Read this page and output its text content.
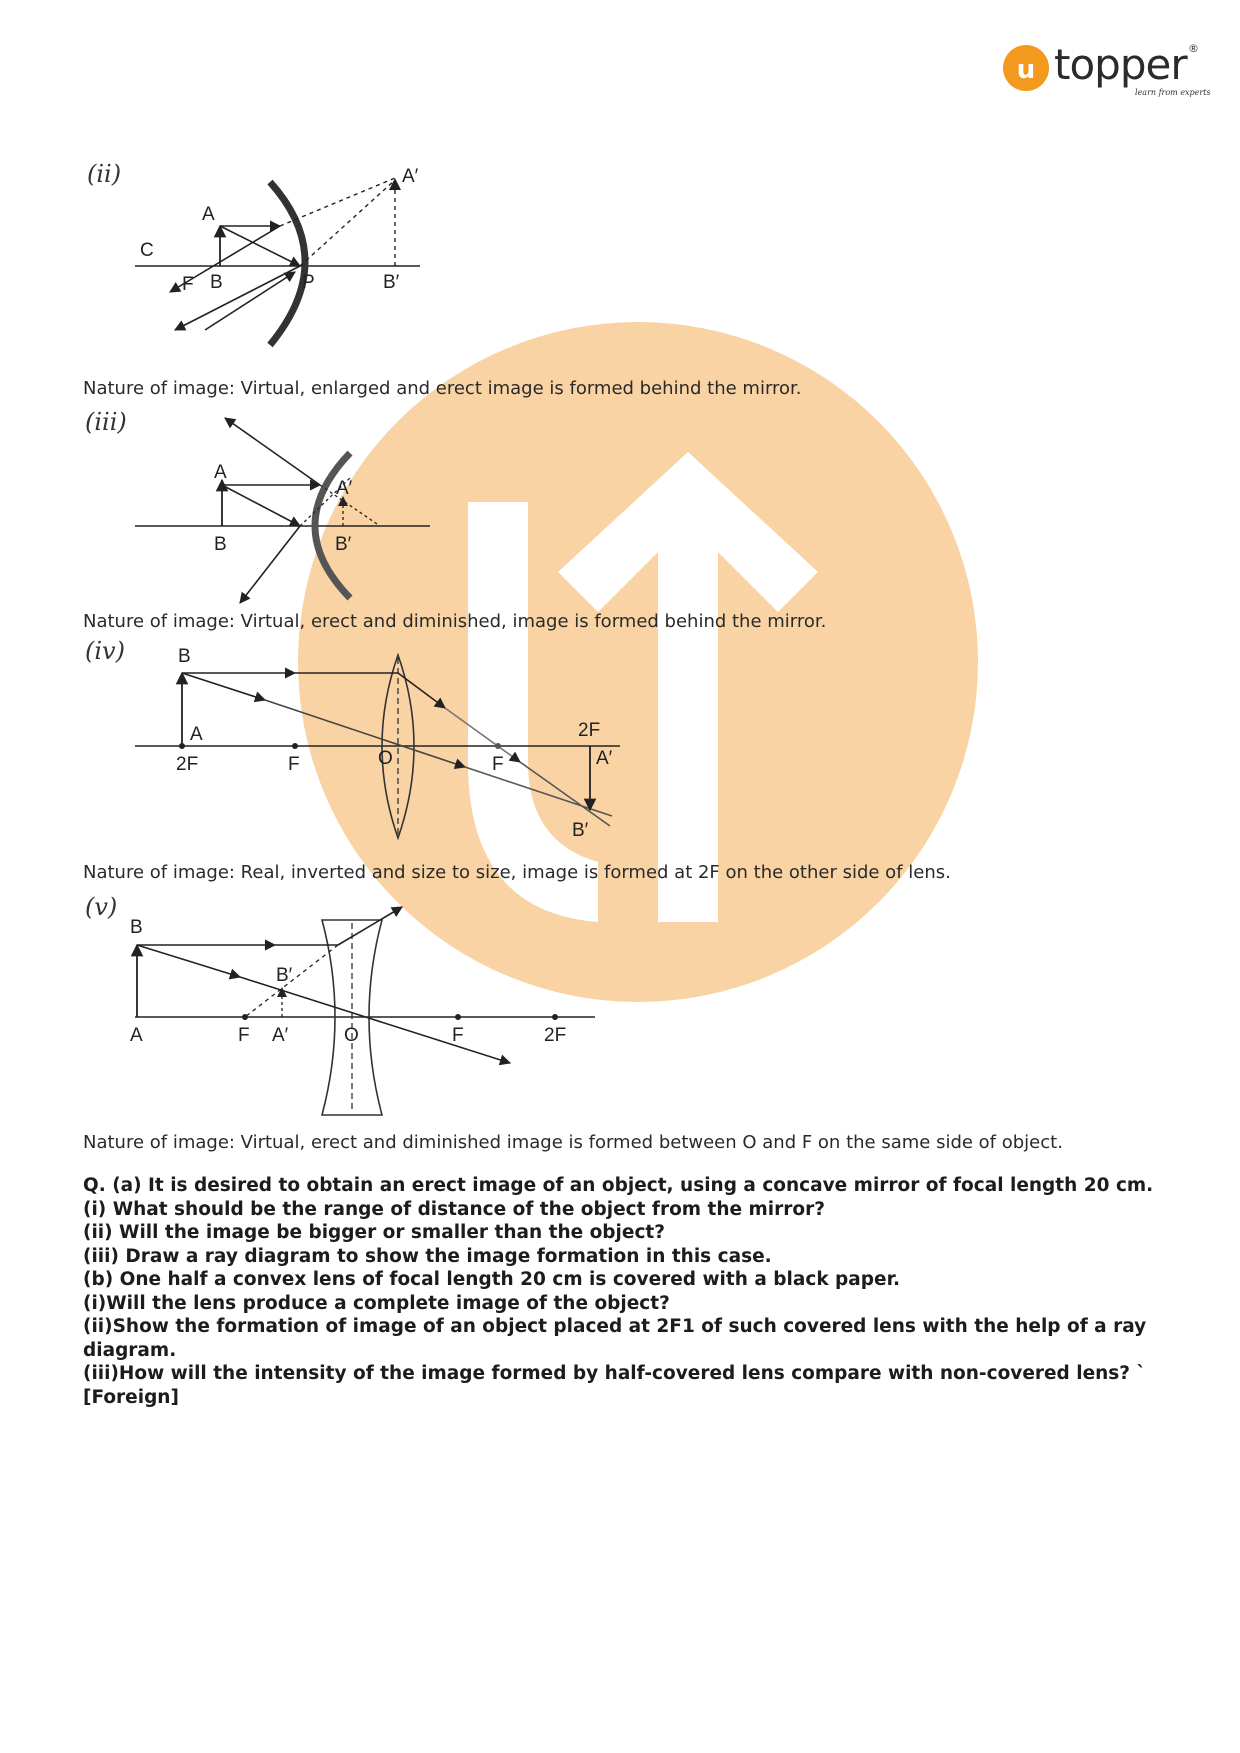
u topper ®
learn from experts
(ii)
A
A′
C
F B	P	B′
Nature of image: Virtual, enlarged and erect image is formed behind the mirror.
(iii)
A
A′
B	B′
Nature of image: Virtual, erect and diminished, image is formed behind the mirror.
(iv)	B
A
2F	F	O	F
2F
A′
B′
Nature of image: Real, inverted and size to size, image is formed at 2F on the other side of lens.
(v)
B
A	F A′
B′
O	F	2F
Nature of image: Virtual, erect and diminished image is formed between O and F on the same side of object.
Q. (a) It is desired to obtain an erect image of an object, using a concave mirror of focal length 20 cm.
(i) What should be the range of distance of the object from the mirror?
(ii) Will the image be bigger or smaller than the object?
(iii) Draw a ray diagram to show the image formation in this case.
(b) One half a convex lens of focal length 20 cm is covered with a black paper.
(i)Will the lens produce a complete image of the object?
(ii)Show the formation of image of an object placed at 2F1 of such covered lens with the help of a ray
diagram.
(iii)How will the intensity of the image formed by half-covered lens compare with non-covered lens? `
[Foreign]
